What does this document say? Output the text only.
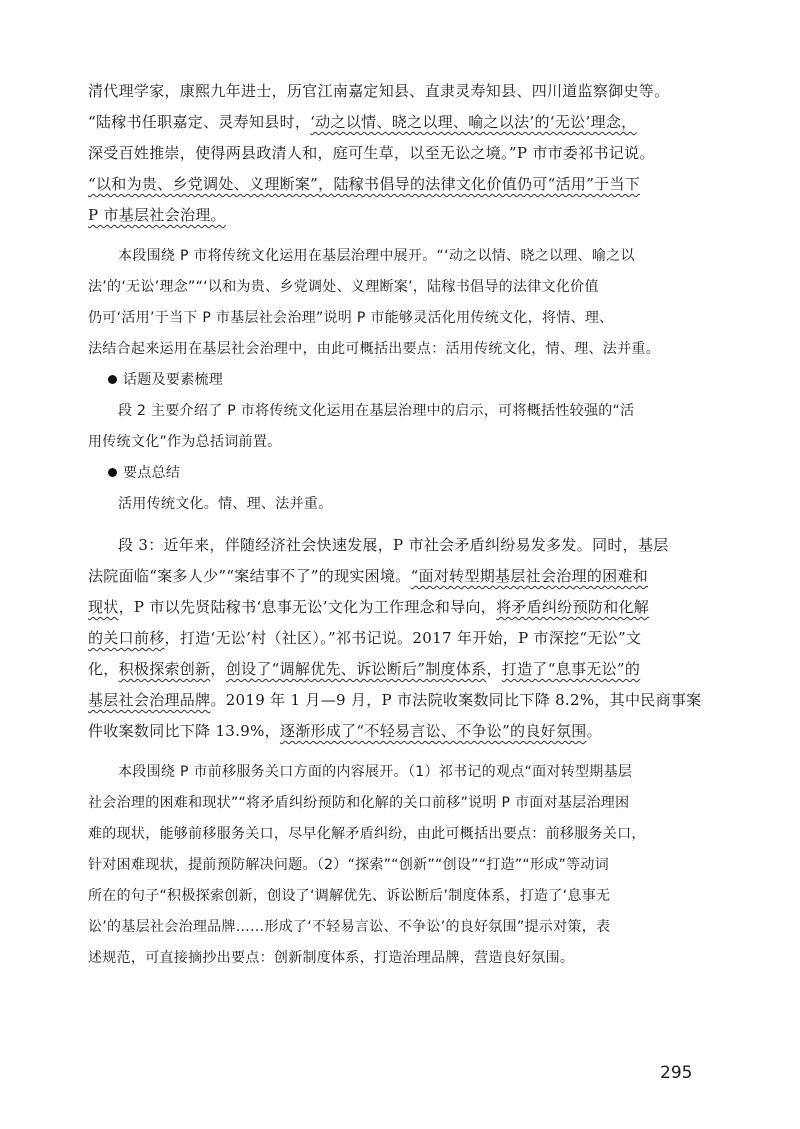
清代理学家，康熙九年进士，历官江南嘉定知县、直隶灵寿知县、四川道监察御史等。
“陆稼书任职嘉定、灵寿知县时，‘动之以情、晓之以理、喻之以法’的‘无讼’理念，
深受百姓推崇，使得两县政清人和，庭可生草，以至无讼之境。”P 市市委祁书记说。
“以和为贵、乡党调处、义理断案”，陆稼书倡导的法律文化价值仍可“活用”于当下
P 市基层社会治理。
本段围绕 P 市将传统文化运用在基层治理中展开。“‘动之以情、晓之以理、喻之以
法’的‘无讼’理念”“‘以和为贵、乡党调处、义理断案’，陆稼书倡导的法律文化价值
仍可‘活用’于当下 P 市基层社会治理”说明 P 市能够灵活化用传统文化，将情、理、
法结合起来运用在基层社会治理中，由此可概括出要点：活用传统文化，情、理、法并重。
话题及要素梳理
段 2 主要介绍了 P 市将传统文化运用在基层治理中的启示，可将概括性较强的“活
用传统文化”作为总括词前置。
要点总结
活用传统文化。情、理、法并重。
段 3：近年来，伴随经济社会快速发展，P 市社会矛盾纠纷易发多发。同时，基层
法院面临“案多人少”“案结事不了”的现实困境。“面对转型期基层社会治理的困难和
现状，P 市以先贤陆稼书‘息事无讼’文化为工作理念和导向，将矛盾纠纷预防和化解
的关口前移，打造‘无讼’村（社区）。”祁书记说。2017 年开始，P 市深挖“无讼”文
化，积极探索创新，创设了“调解优先、诉讼断后”制度体系，打造了“息事无讼”的
基层社会治理品牌。2019 年 1 月—9 月，P 市法院收案数同比下降 8.2%，其中民商事案
件收案数同比下降 13.9%，逐渐形成了“不轻易言讼、不争讼”的良好氛围。
本段围绕 P 市前移服务关口方面的内容展开。（1）祁书记的观点“面对转型期基层
社会治理的困难和现状”“将矛盾纠纷预防和化解的关口前移”说明 P 市面对基层治理困
难的现状，能够前移服务关口，尽早化解矛盾纠纷，由此可概括出要点：前移服务关口，
针对困难现状，提前预防解决问题。（2）“探索”“创新”“创设”“打造”“形成”等动词
所在的句子“积极探索创新，创设了‘调解优先、诉讼断后’制度体系，打造了‘息事无
讼’的基层社会治理品牌……形成了‘不轻易言讼、不争讼’的良好氛围”提示对策，表
述规范，可直接摘抄出要点：创新制度体系，打造治理品牌，营造良好氛围。
295
